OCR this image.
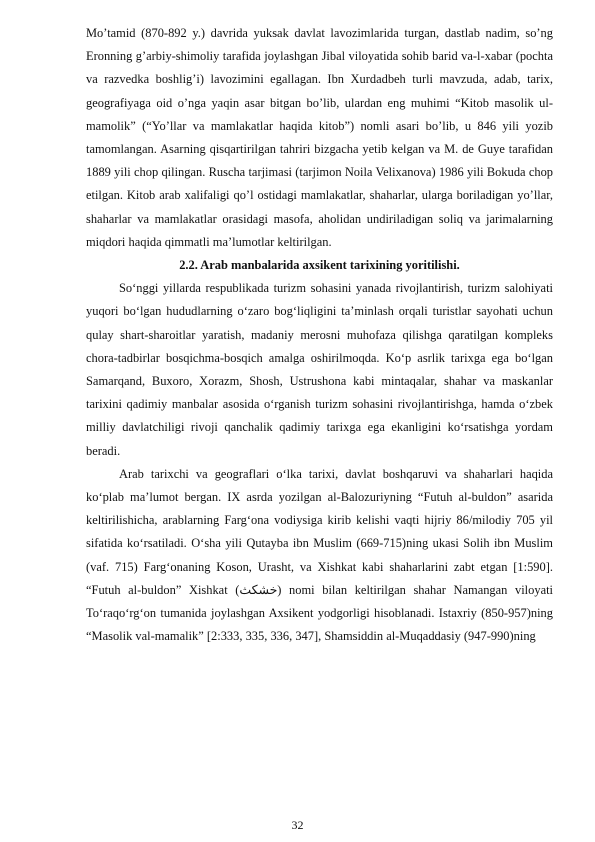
Mo’tamid (870-892 y.) davrida yuksak davlat lavozimlarida turgan, dastlab nadim, so’ng Eronning g’arbiy-shimoliy tarafida joylashgan Jibal viloyatida sohib barid va-l-xabar (pochta va razvedka boshlig’i) lavozimini egallagan. Ibn Xurdadbeh turli mavzuda, adab, tarix, geografiyaga oid o’nga yaqin asar bitgan bo’lib, ulardan eng muhimi “Kitob masolik ul-mamolik” (“Yo’llar va mamlakatlar haqida kitob”) nomli asari bo’lib, u 846 yili yozib tamomlangan. Asarning qisqartirilgan tahriri bizgacha yetib kelgan va M. de Guye tarafidan 1889 yili chop qilingan. Ruscha tarjimasi (tarjimon Noila Velixanova) 1986 yili Bokuda chop etilgan. Kitob arab xalifaligi qo’l ostidagi mamlakatlar, shaharlar, ularga boriladigan yo’llar, shaharlar va mamlakatlar orasidagi masofa, aholidan undiriladigan soliq va jarimalarning miqdori haqida qimmatli ma’lumotlar keltirilgan.

2.2. Arab manbalarida axsikent tarixining yoritilishi.

So‘nggi yillarda respublikada turizm sohasini yanada rivojlantirish, turizm salohiyati yuqori bo‘lgan hududlarning o‘zaro bog‘liqligini ta’minlash orqali turistlar sayohati uchun qulay shart-sharoitlar yaratish, madaniy merosni muhofaza qilishga qaratilgan kompleks chora-tadbirlar bosqichma-bosqich amalga oshirilmoqda. Ko‘p asrlik tarixga ega bo‘lgan Samarqand, Buxoro, Xorazm, Shosh, Ustrushona kabi mintaqalar, shahar va maskanlar tarixini qadimiy manbalar asosida o‘rganish turizm sohasini rivojlantirishga, hamda o‘zbek milliy davlatchiligi rivoji qanchalik qadimiy tarixga ega ekanligini ko‘rsatishga yordam beradi.

Arab tarixchi va geograflari o‘lka tarixi, davlat boshqaruvi va shaharlari haqida ko‘plab ma’lumot bergan. IX asrda yozilgan al-Balozuriyning “Futuh al-buldon” asarida keltirilishicha, arablarning Farg‘ona vodiysiga kirib kelishi vaqti hijriy 86/milodiy 705 yil sifatida ko‘rsatiladi. O‘sha yili Qutayba ibn Muslim (669-715)ning ukasi Solih ibn Muslim (vaf. 715) Farg‘onaning Koson, Urasht, va Xishkat kabi shaharlarini zabt etgan [1:590]. “Futuh al-buldon” Xishkat (خشكث) nomi bilan keltirilgan shahar Namangan viloyati To‘raqo‘rg‘on tumanida joylashgan Axsikent yodgorligi hisoblanadi. Istaxriy (850-957)ning “Masolik val-mamalik” [2:333, 335, 336, 347], Shamsiddin al-Muqaddasiy (947-990)ning

32
